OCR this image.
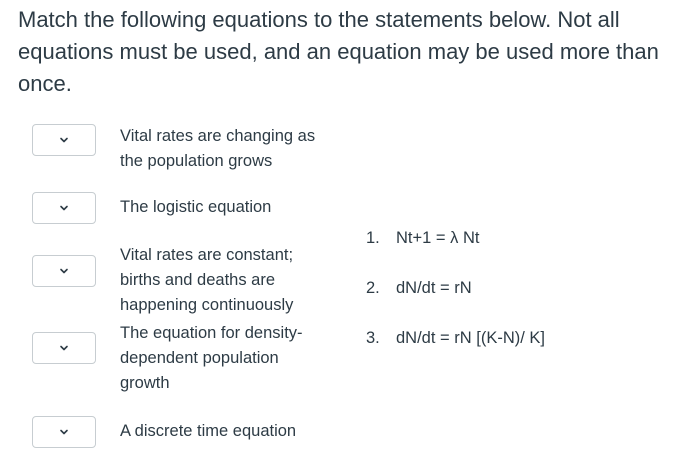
Match the following equations to the statements below. Not all equations must be used, and an equation may be used more than once.

Vital rates are changing as the population grows
The logistic equation
Vital rates are constant; births and deaths are happening continuously
The equation for density-dependent population growth
A discrete time equation
1. Nt+1 = λ Nt
2. dN/dt = rN
3. dN/dt = rN [(K-N)/ K]
